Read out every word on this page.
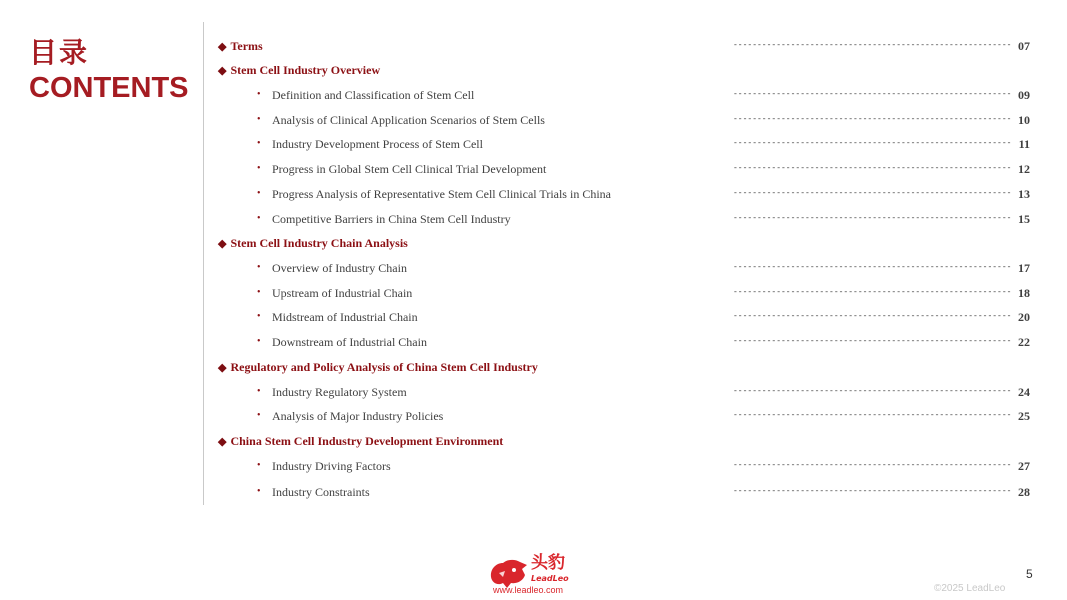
目录
CONTENTS
◆ Terms	---------------------------------------------------------- 07
◆ Stem Cell Industry Overview
• Definition and Classification of Stem Cell	---------------------------------------------------------- 09
• Analysis of Clinical Application Scenarios of Stem Cells	---------------------------------------------------------- 10
• Industry Development Process of Stem Cell	---------------------------------------------------------- 11
• Progress in Global Stem Cell Clinical Trial Development	---------------------------------------------------------- 12
• Progress Analysis of Representative Stem Cell Clinical Trials in China	---------------------------------------------------------- 13
• Competitive Barriers in China Stem Cell Industry	---------------------------------------------------------- 15
◆ Stem Cell Industry Chain Analysis
• Overview of Industry Chain	---------------------------------------------------------- 17
• Upstream of Industrial Chain	---------------------------------------------------------- 18
• Midstream of Industrial Chain	---------------------------------------------------------- 20
• Downstream of Industrial Chain	---------------------------------------------------------- 22
◆ Regulatory and Policy Analysis of China Stem Cell Industry
• Industry Regulatory System	---------------------------------------------------------- 24
• Analysis of Major Industry Policies	---------------------------------------------------------- 25
◆ China Stem Cell Industry Development Environment
• Industry Driving Factors	---------------------------------------------------------- 27
• Industry Constraints	---------------------------------------------------------- 28
头豹
LeadLeo
www.leadleo.com
5
©2025 LeadLeo
